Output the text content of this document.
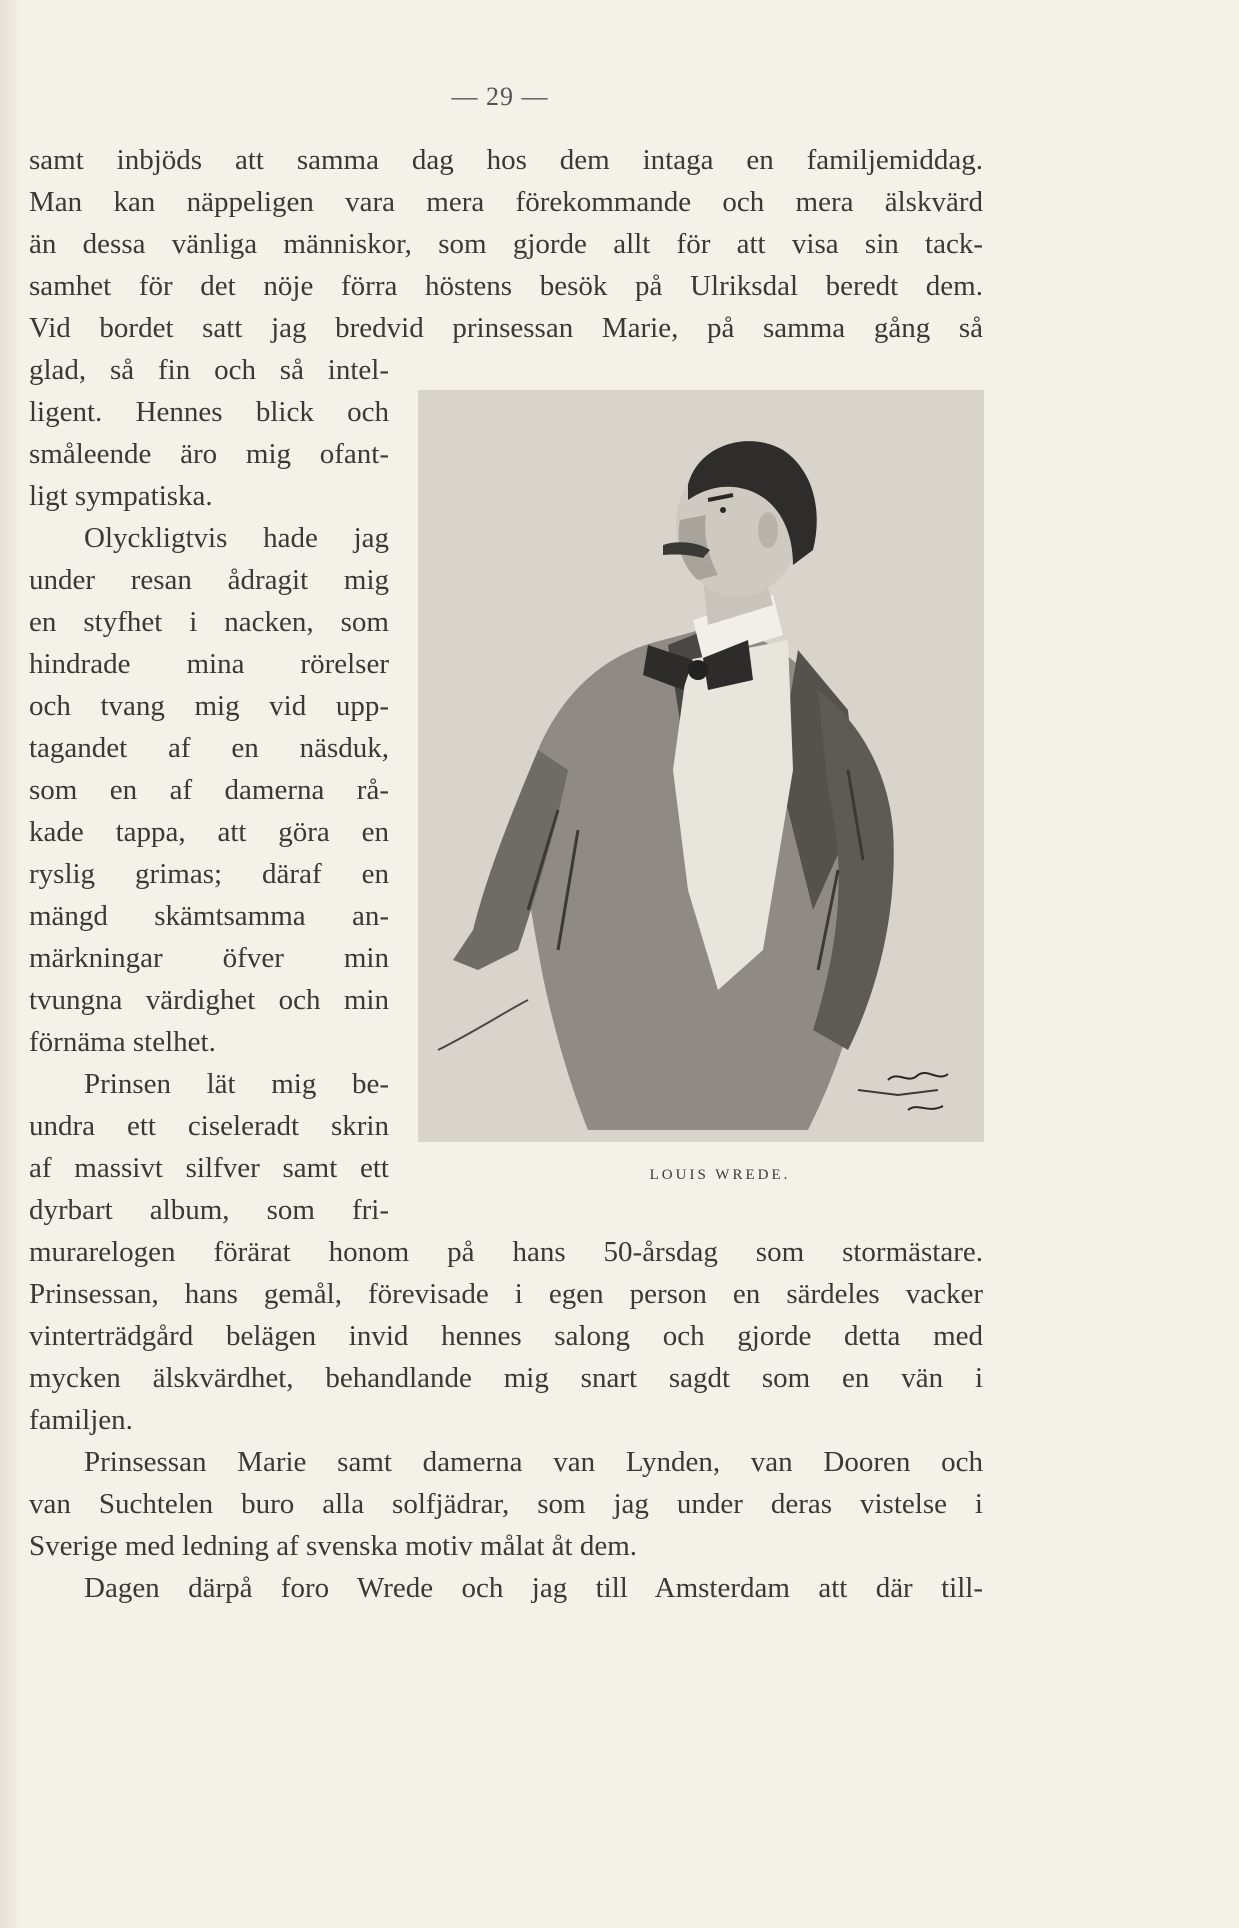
— 29 —
samt inbjöds att samma dag hos dem intaga en familjemiddag.
Man kan näppeligen vara mera förekommande och mera älskvärd
än dessa vänliga människor, som gjorde allt för att visa sin tack-
samhet för det nöje förra höstens besök på Ulriksdal beredt dem.
Vid bordet satt jag bredvid prinsessan Marie, på samma gång så
glad, så fin och så intel-
ligent. Hennes blick och
småleende äro mig ofant-
ligt sympatiska.
Olyckligtvis hade jag
under resan ådragit mig
en styfhet i nacken, som
hindrade mina rörelser
och tvang mig vid upp-
tagandet af en näsduk,
som en af damerna rå-
kade tappa, att göra en
ryslig grimas; däraf en
mängd skämtsamma an-
märkningar öfver min
tvungna värdighet och min
förnäma stelhet.
Prinsen lät mig be-
undra ett ciseleradt skrin
af massivt silfver samt ett
dyrbart album, som fri-
murarelogen förärat honom på hans 50-årsdag som stormästare.
Prinsessan, hans gemål, förevisade i egen person en särdeles vacker
vinterträdgård belägen invid hennes salong och gjorde detta med
mycken älskvärdhet, behandlande mig snart sagdt som en vän i
familjen.
Prinsessan Marie samt damerna van Lynden, van Dooren och
van Suchtelen buro alla solfjädrar, som jag under deras vistelse i
Sverige med ledning af svenska motiv målat åt dem.
Dagen därpå foro Wrede och jag till Amsterdam att där till-
LOUIS WREDE.
